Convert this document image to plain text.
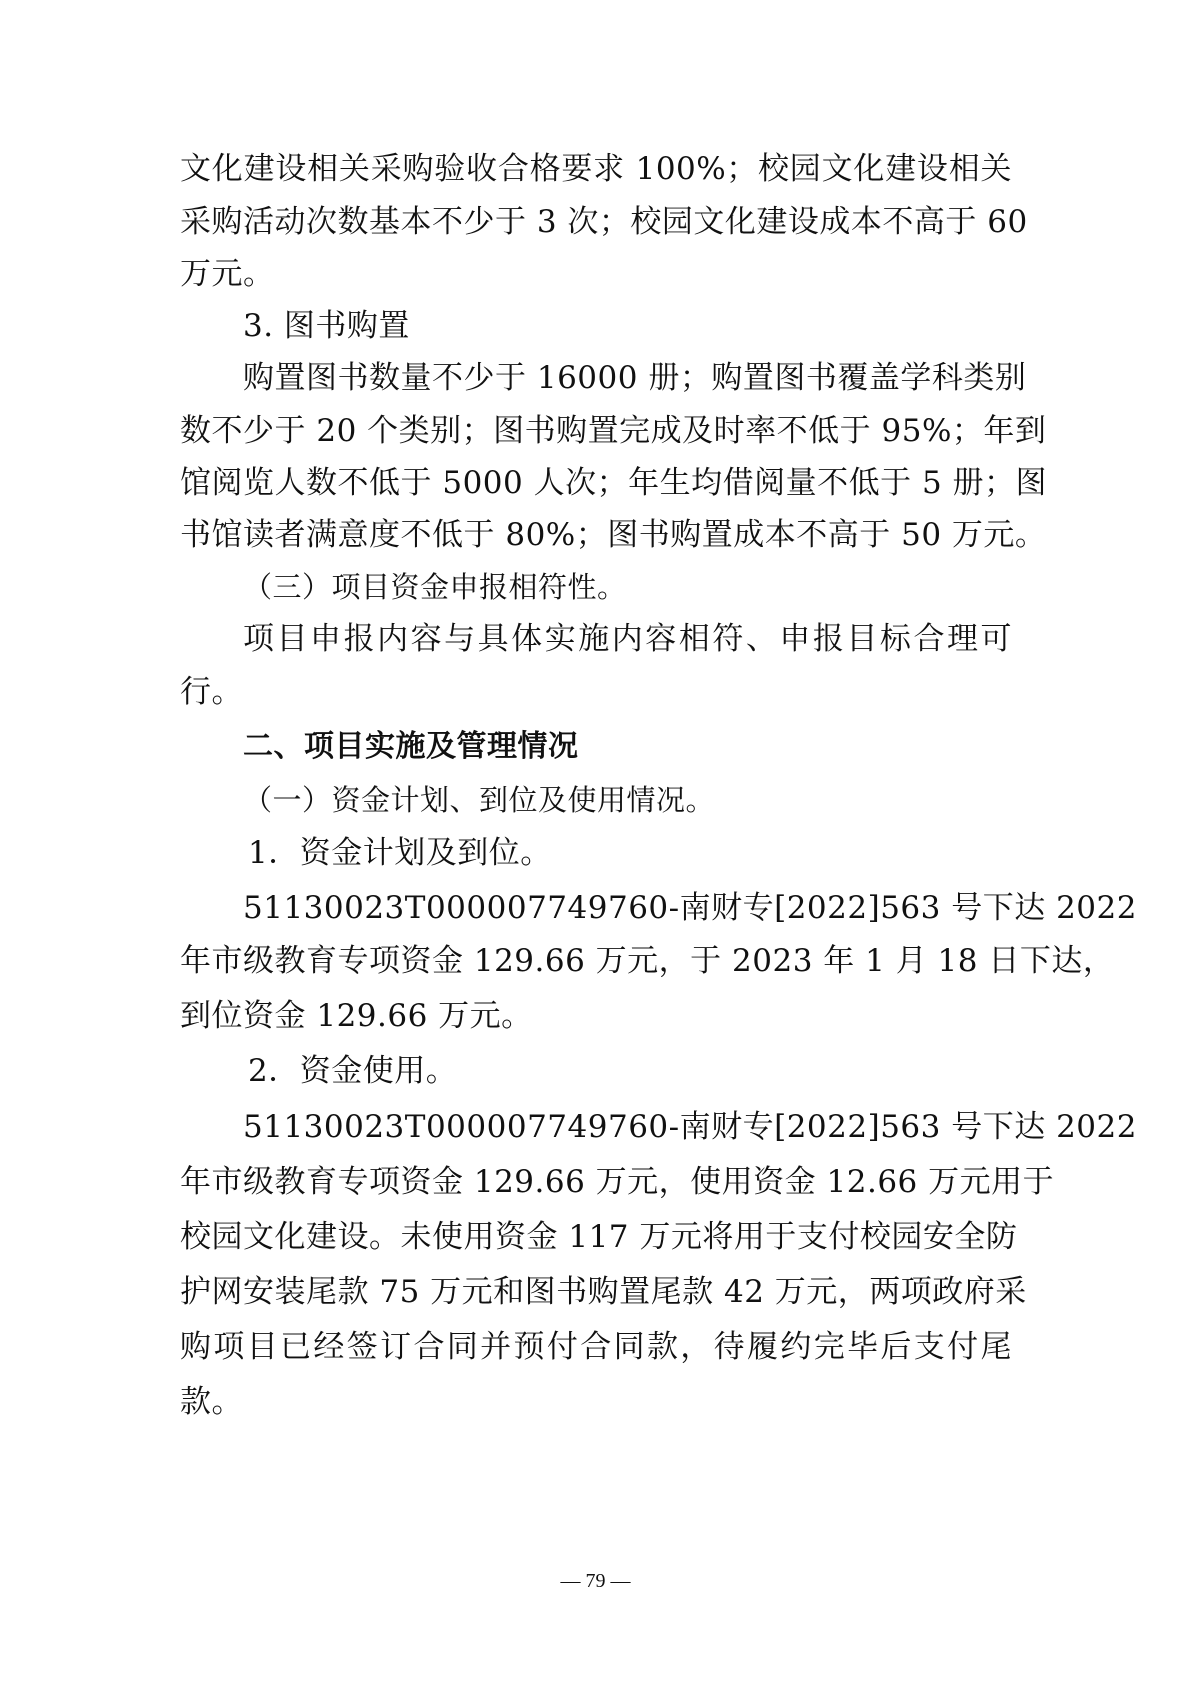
文化建设相关采购验收合格要求 100%；校园文化建设相关
采购活动次数基本不少于 3 次；校园文化建设成本不高于 60
万元。
3. 图书购置
购置图书数量不少于 16000 册；购置图书覆盖学科类别
数不少于 20 个类别；图书购置完成及时率不低于 95%；年到
馆阅览人数不低于 5000 人次；年生均借阅量不低于 5 册；图
书馆读者满意度不低于 80%；图书购置成本不高于 50 万元。
（三）项目资金申报相符性。
项目申报内容与具体实施内容相符、申报目标合理可
行。
二、项目实施及管理情况
（一）资金计划、到位及使用情况。
1．资金计划及到位。
51130023T000007749760-南财专[2022]563 号下达 2022
年市级教育专项资金 129.66 万元，于 2023 年 1 月 18 日下达，
到位资金 129.66 万元。
2．资金使用。
51130023T000007749760-南财专[2022]563 号下达 2022
年市级教育专项资金 129.66 万元，使用资金 12.66 万元用于
校园文化建设。未使用资金 117 万元将用于支付校园安全防
护网安装尾款 75 万元和图书购置尾款 42 万元，两项政府采
购项目已经签订合同并预付合同款，待履约完毕后支付尾
款。
— 79 —
